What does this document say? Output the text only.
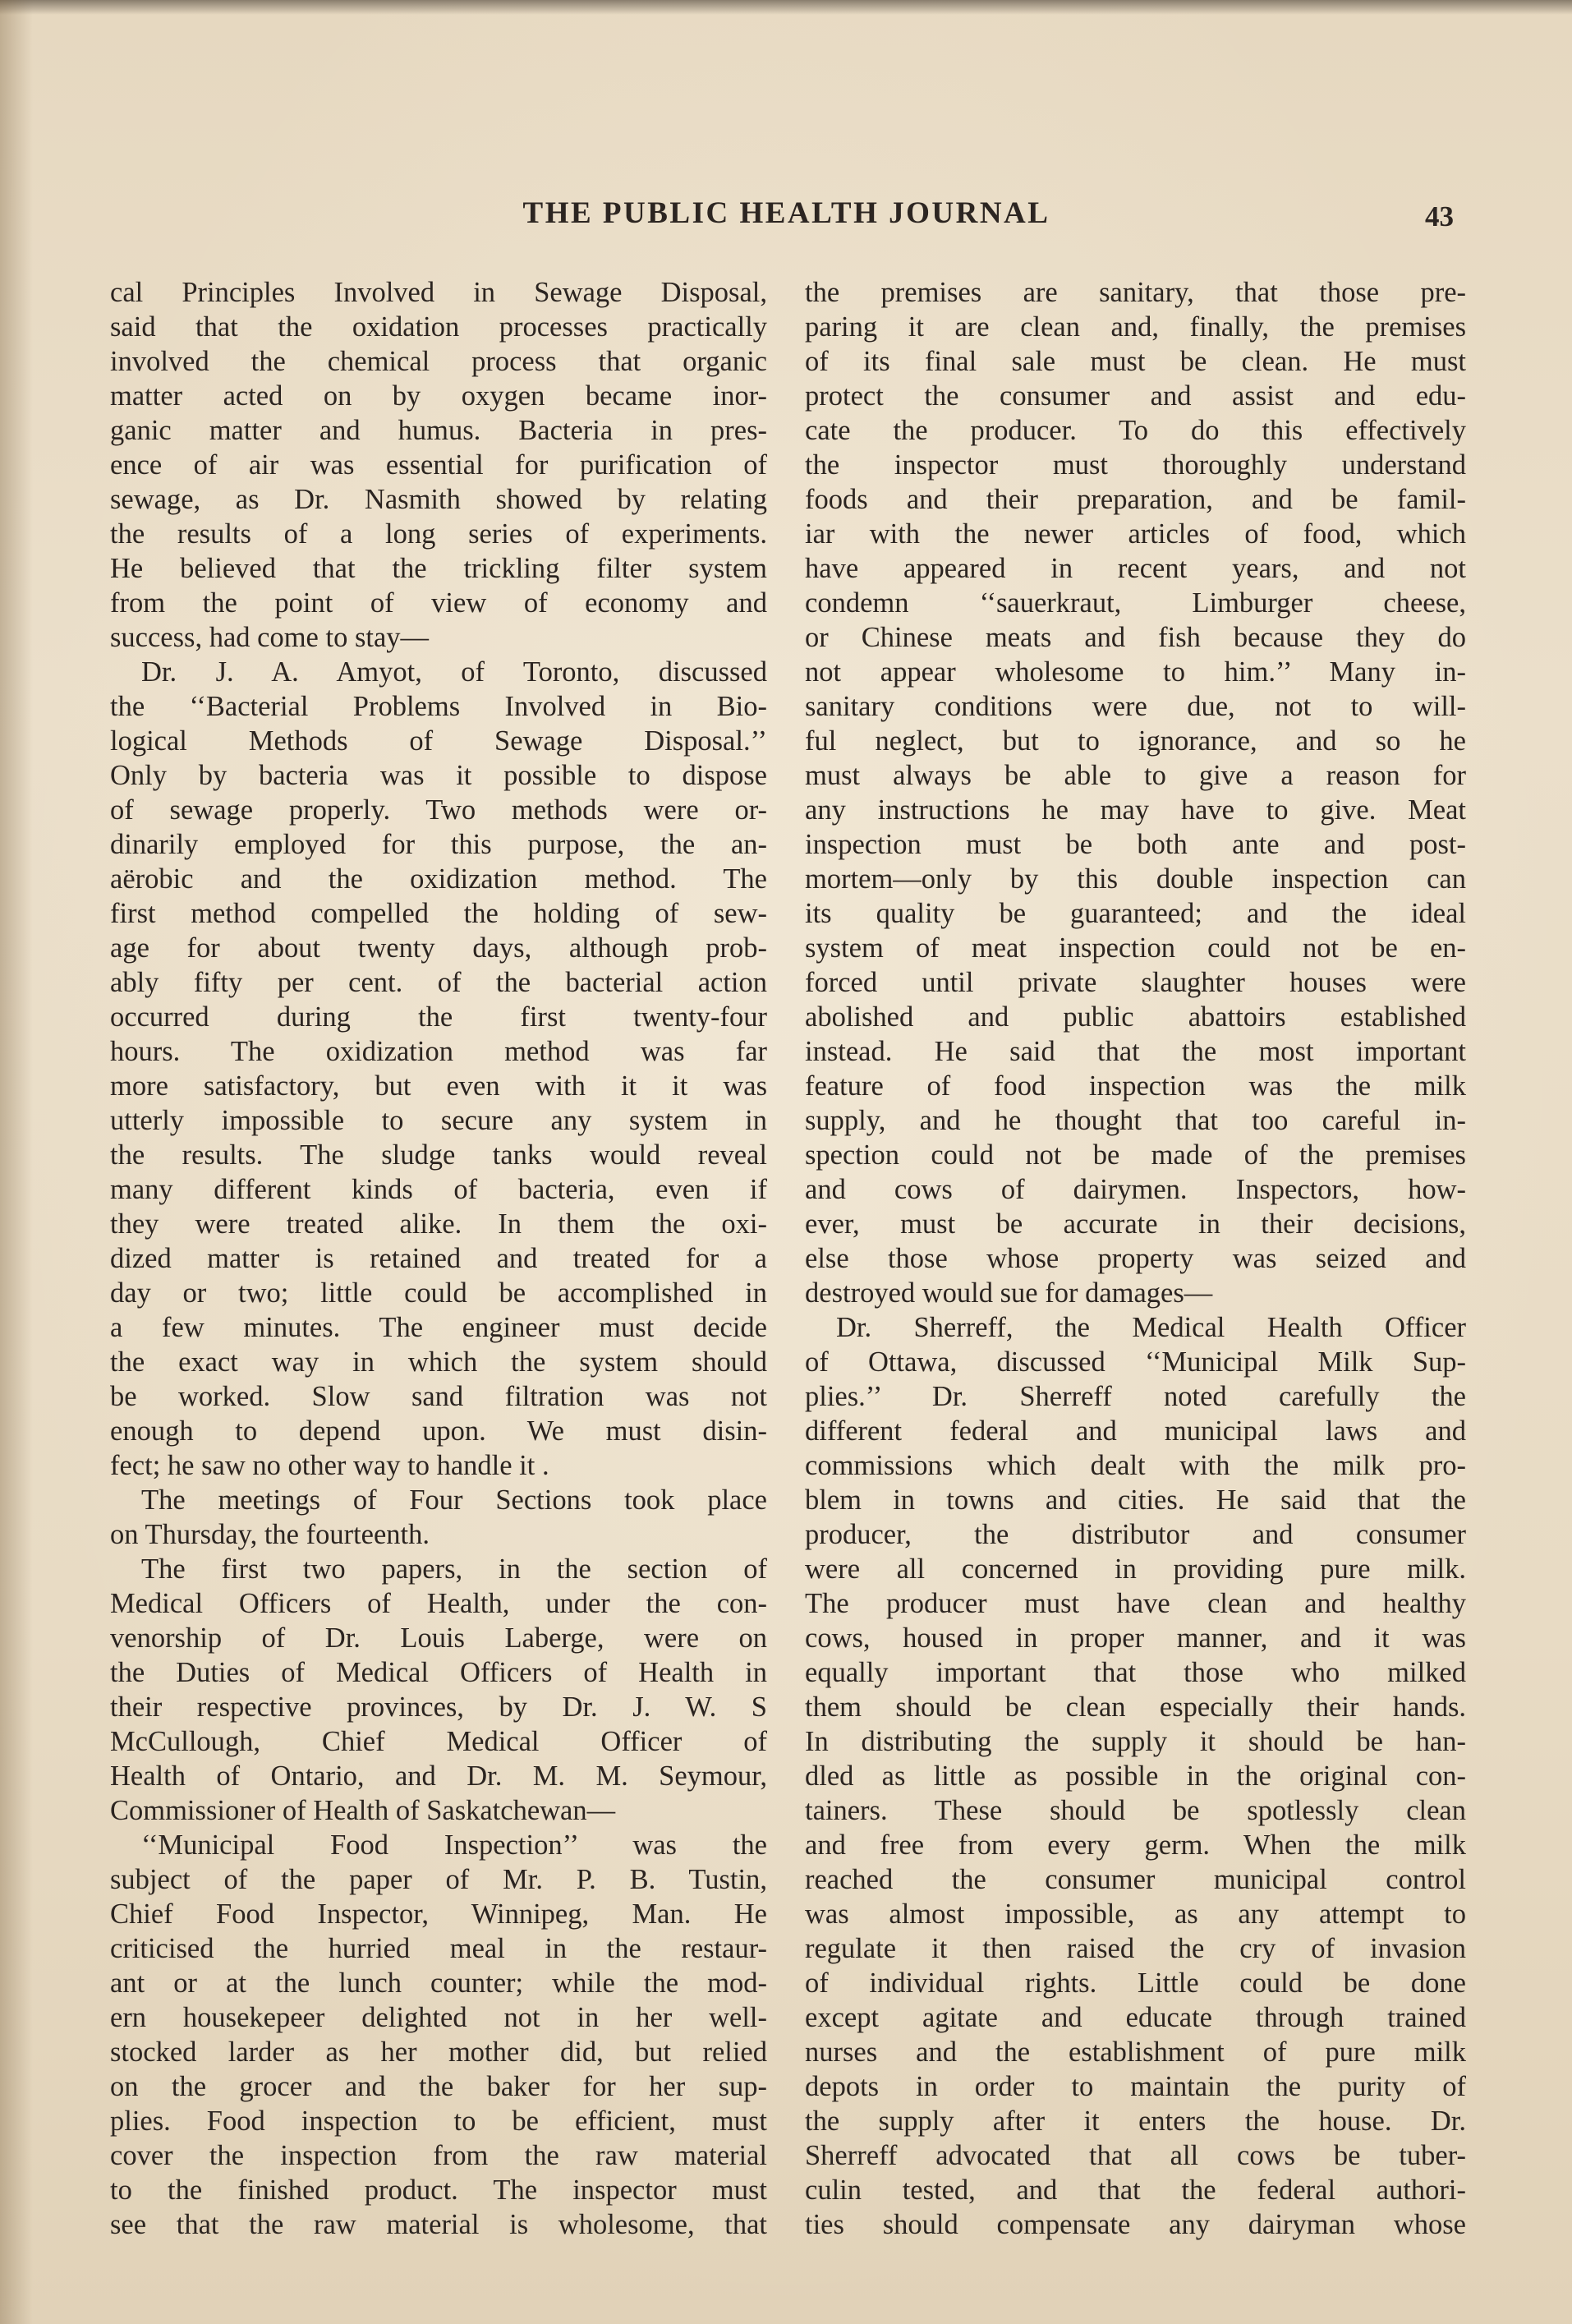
THE PUBLIC HEALTH JOURNAL	43
cal Principles Involved in Sewage Disposal,
said that the oxidation processes practically
involved the chemical process that organic
matter acted on by oxygen became inor-
ganic matter and humus. Bacteria in pres-
ence of air was essential for purification of
sewage, as Dr. Nasmith showed by relating
the results of a long series of experiments.
He believed that the trickling filter system
from the point of view of economy and
success, had come to stay—
Dr. J. A. Amyot, of Toronto, discussed
the ‘‘Bacterial Problems Involved in Bio-
logical Methods of Sewage Disposal.’’
Only by bacteria was it possible to dispose
of sewage properly. Two methods were or-
dinarily employed for this purpose, the an-
aërobic and the oxidization method. The
first method compelled the holding of sew-
age for about twenty days, although prob-
ably fifty per cent. of the bacterial action
occurred during the first twenty-four
hours. The oxidization method was far
more satisfactory, but even with it it was
utterly impossible to secure any system in
the results. The sludge tanks would reveal
many different kinds of bacteria, even if
they were treated alike. In them the oxi-
dized matter is retained and treated for a
day or two; little could be accomplished in
a few minutes. The engineer must decide
the exact way in which the system should
be worked. Slow sand filtration was not
enough to depend upon. We must disin-
fect; he saw no other way to handle it .
The meetings of Four Sections took place
on Thursday, the fourteenth.
The first two papers, in the section of
Medical Officers of Health, under the con-
venorship of Dr. Louis Laberge, were on
the Duties of Medical Officers of Health in
their respective provinces, by Dr. J. W. S
McCullough, Chief Medical Officer of
Health of Ontario, and Dr. M. M. Seymour,
Commissioner of Health of Saskatchewan—
‘‘Municipal Food Inspection’’ was the
subject of the paper of Mr. P. B. Tustin,
Chief Food Inspector, Winnipeg, Man. He
criticised the hurried meal in the restaur-
ant or at the lunch counter; while the mod-
ern housekepeer delighted not in her well-
stocked larder as her mother did, but relied
on the grocer and the baker for her sup-
plies. Food inspection to be efficient, must
cover the inspection from the raw material
to the finished product. The inspector must
see that the raw material is wholesome, that
the premises are sanitary, that those pre-
paring it are clean and, finally, the premises
of its final sale must be clean. He must
protect the consumer and assist and edu-
cate the producer. To do this effectively
the inspector must thoroughly understand
foods and their preparation, and be famil-
iar with the newer articles of food, which
have appeared in recent years, and not
condemn ‘‘sauerkraut, Limburger cheese,
or Chinese meats and fish because they do
not appear wholesome to him.’’ Many in-
sanitary conditions were due, not to will-
ful neglect, but to ignorance, and so he
must always be able to give a reason for
any instructions he may have to give. Meat
inspection must be both ante and post-
mortem—only by this double inspection can
its quality be guaranteed; and the ideal
system of meat inspection could not be en-
forced until private slaughter houses were
abolished and public abattoirs established
instead. He said that the most important
feature of food inspection was the milk
supply, and he thought that too careful in-
spection could not be made of the premises
and cows of dairymen. Inspectors, how-
ever, must be accurate in their decisions,
else those whose property was seized and
destroyed would sue for damages—
Dr. Sherreff, the Medical Health Officer
of Ottawa, discussed ‘‘Municipal Milk Sup-
plies.’’ Dr. Sherreff noted carefully the
different federal and municipal laws and
commissions which dealt with the milk pro-
blem in towns and cities. He said that the
producer, the distributor and consumer
were all concerned in providing pure milk.
The producer must have clean and healthy
cows, housed in proper manner, and it was
equally important that those who milked
them should be clean especially their hands.
In distributing the supply it should be han-
dled as little as possible in the original con-
tainers. These should be spotlessly clean
and free from every germ. When the milk
reached the consumer municipal control
was almost impossible, as any attempt to
regulate it then raised the cry of invasion
of individual rights. Little could be done
except agitate and educate through trained
nurses and the establishment of pure milk
depots in order to maintain the purity of
the supply after it enters the house. Dr.
Sherreff advocated that all cows be tuber-
culin tested, and that the federal authori-
ties should compensate any dairyman whose
